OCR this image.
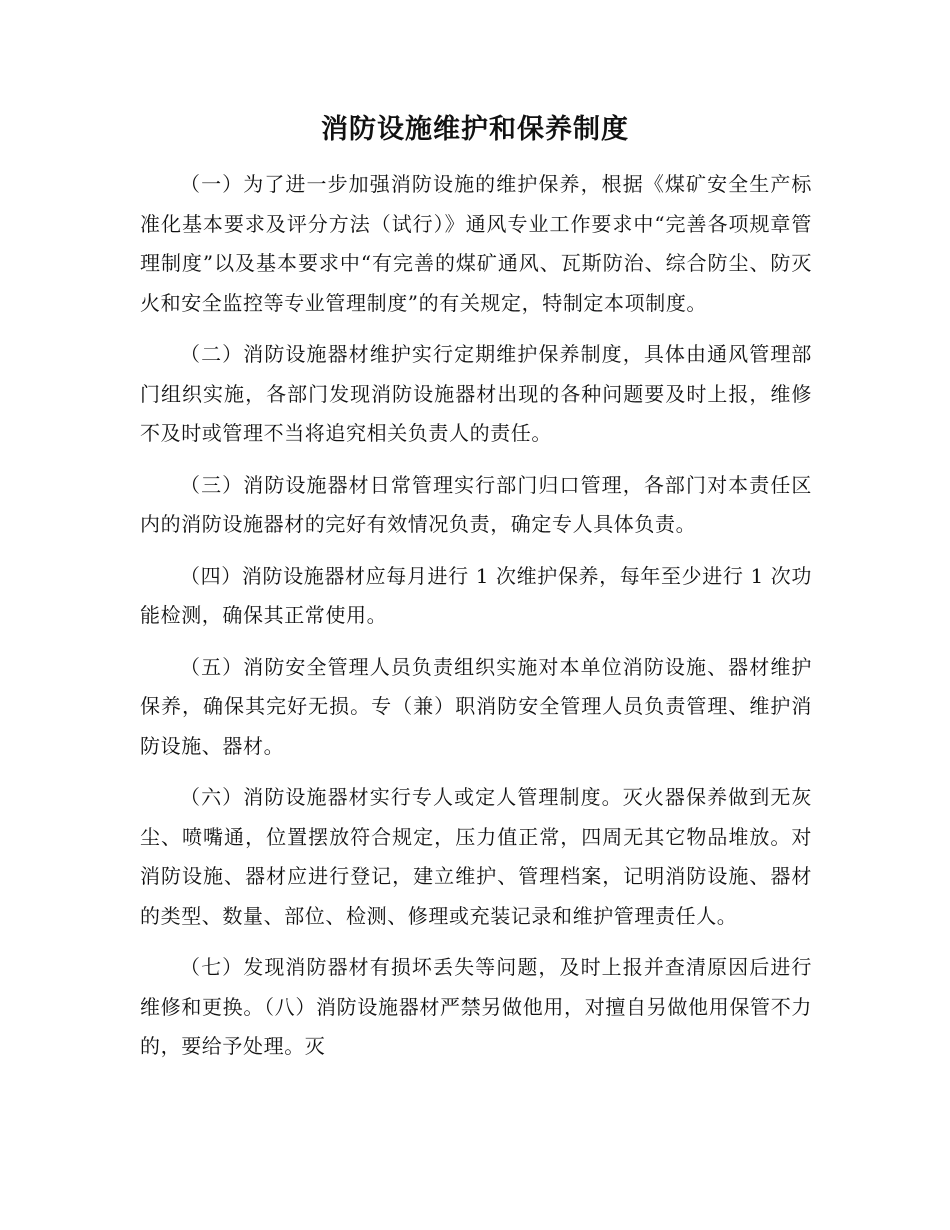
消防设施维护和保养制度

（一）为了进一步加强消防设施的维护保养，根据《煤矿安全生产标准化基本要求及评分方法（试行）》通风专业工作要求中“完善各项规章管理制度”以及基本要求中“有完善的煤矿通风、瓦斯防治、综合防尘、防灭火和安全监控等专业管理制度”的有关规定，特制定本项制度。

（二）消防设施器材维护实行定期维护保养制度，具体由通风管理部门组织实施，各部门发现消防设施器材出现的各种问题要及时上报，维修不及时或管理不当将追究相关负责人的责任。

（三）消防设施器材日常管理实行部门归口管理，各部门对本责任区内的消防设施器材的完好有效情况负责，确定专人具体负责。

（四）消防设施器材应每月进行 1 次维护保养，每年至少进行 1 次功能检测，确保其正常使用。

（五）消防安全管理人员负责组织实施对本单位消防设施、器材维护保养，确保其完好无损。专（兼）职消防安全管理人员负责管理、维护消防设施、器材。

（六）消防设施器材实行专人或定人管理制度。灭火器保养做到无灰尘、喷嘴通，位置摆放符合规定，压力值正常，四周无其它物品堆放。对消防设施、器材应进行登记，建立维护、管理档案，记明消防设施、器材的类型、数量、部位、检测、修理或充装记录和维护管理责任人。

（七）发现消防器材有损坏丢失等问题，及时上报并查清原因后进行维修和更换。（八）消防设施器材严禁另做他用，对擅自另做他用保管不力的，要给予处理。灭
